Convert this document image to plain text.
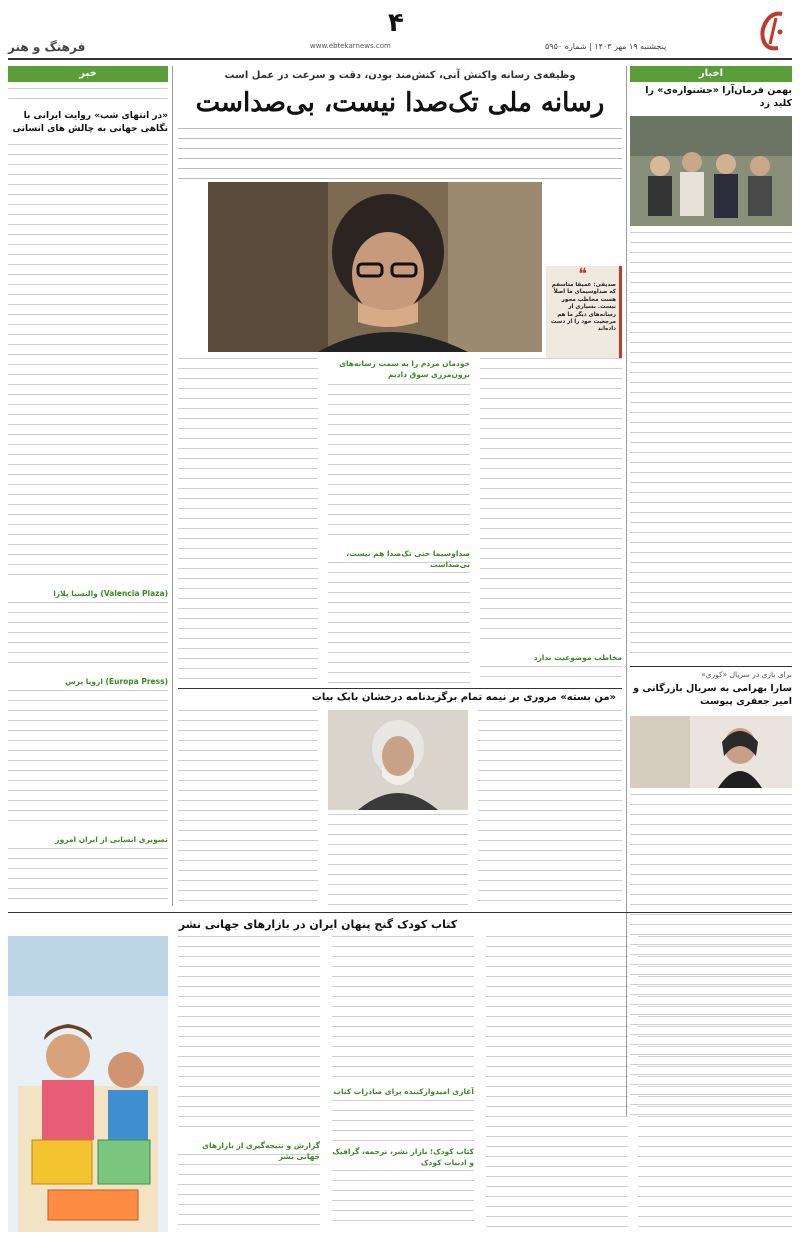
فرهنگ و هنر	www.ebtekarnews.com
۴
پنجشنبه ۱۹ مهر ۱۴۰۳ | شماره ۵۹۵۰
خبر
«در انتهای شب» روایت ایرانی با نگاهی جهانی به چالش های انسانی
(Valencia Plaza) والنسیا پلازا
(Europa Press) اروپا پرس
تصویری انسانی از ایران امروز
اخبار
بهمن فرمان‌آرا «جشنواره‌ی» را کلید زد
برای بازی در سریال «کوری»
سارا بهرامی به سریال بازرگانی و امیر جعفری پیوست
وظیفه‌ی رسانه واکنش آنی، کنش‌مند بودن، دقت و سرعت در عمل است
رسانه ملی تک‌صدا نیست، بی‌صداست
❝
صدیقی: عمیقاً متأسفم که صداوسیمای ما اصلاً هست مخاطب محور نیست. بسیاری از رسانه‌های دیگر ما هم مرجعیت خود را از دست داده‌اند
خودمان مردم را به سمت رسانه‌های برون‌مرزی سوق دادیم
صداوسیما حتی تک‌صدا هم نیست، بی‌صداست
مخاطب موضوعیت ندارد
«من بسته» مروری بر نیمه تمام برگزیدنامه درخشان بابک بیات
کتاب کودک گنج پنهان ایران در بازارهای جهانی نشر
گزارش و نتیجه‌گیری از بازارهای جهانی نشر
آغازی امیدوارکننده برای صادرات کتاب
کتاب کودک؛ بازار نشر، ترجمه، گرافیک و ادبیات کودک
